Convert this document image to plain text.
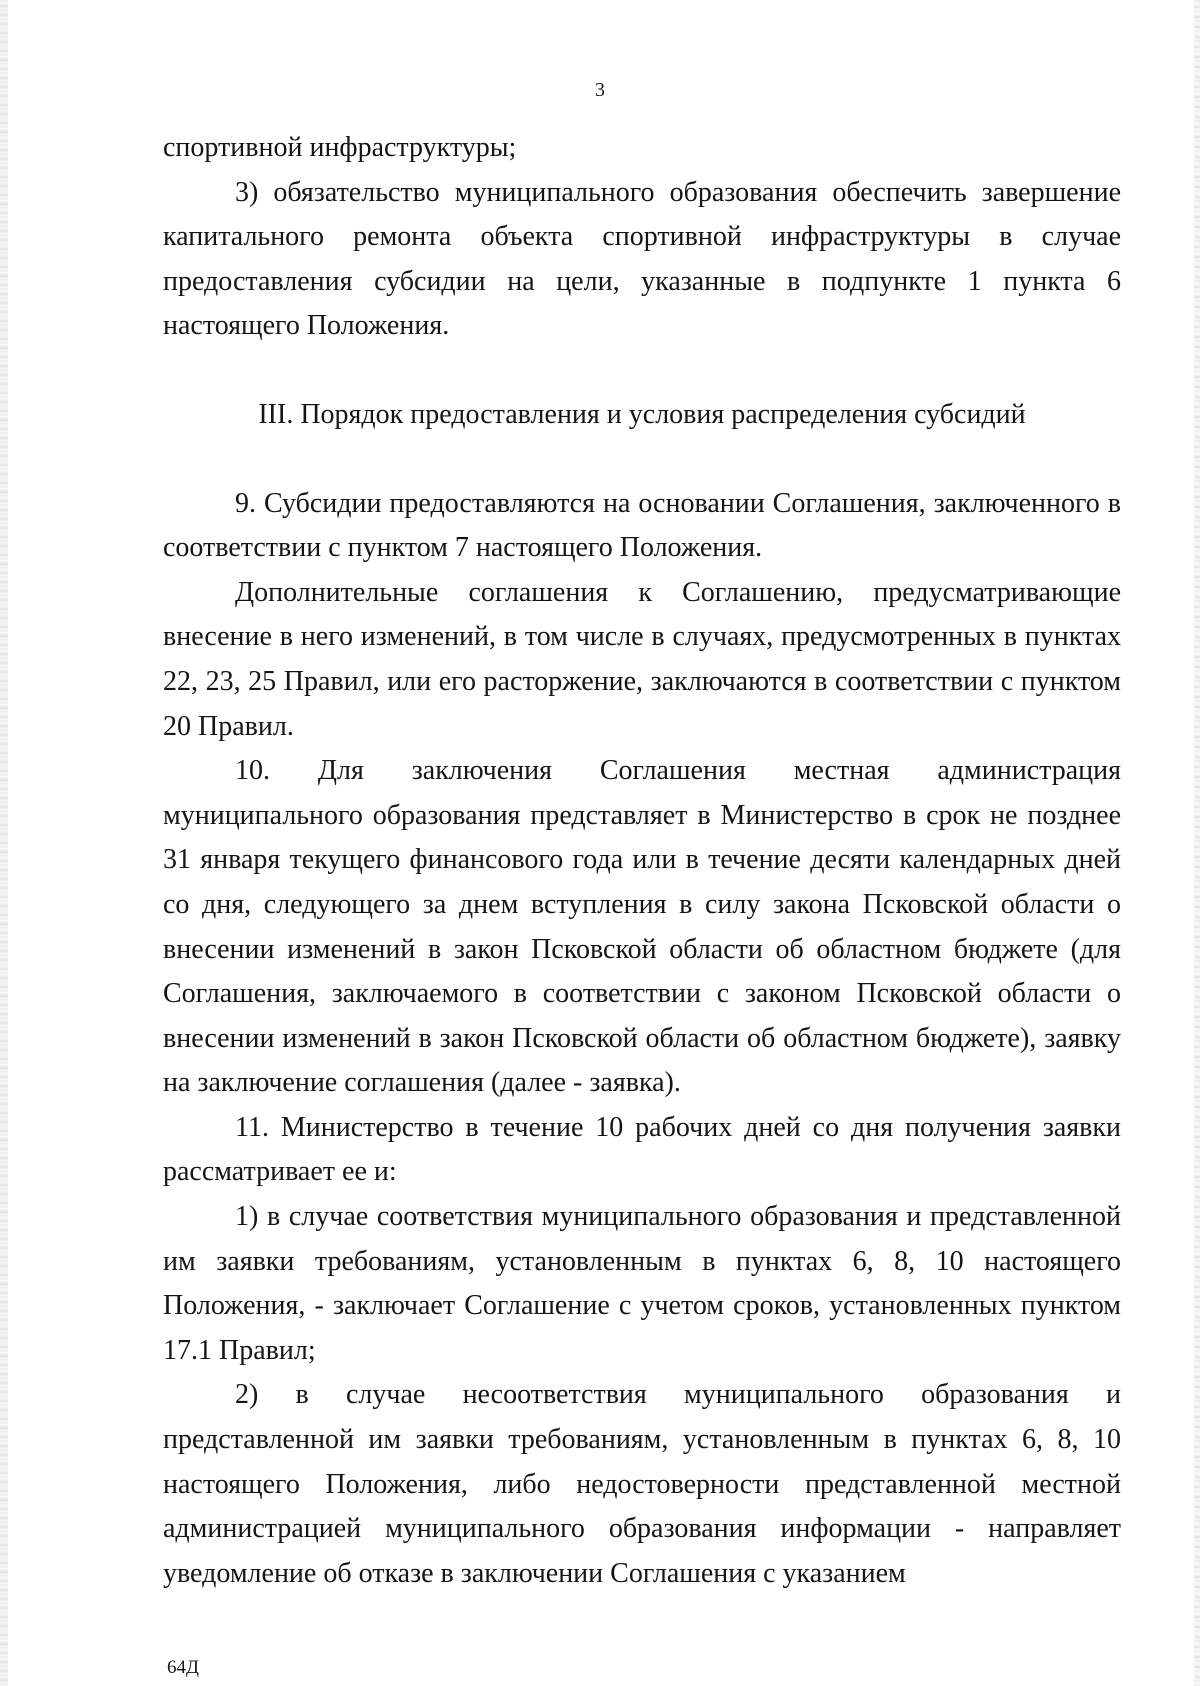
3

спортивной инфраструктуры;

3) обязательство муниципального образования обеспечить завершение капитального ремонта объекта спортивной инфраструктуры в случае предоставления субсидии на цели, указанные в подпункте 1 пункта 6 настоящего Положения.

III. Порядок предоставления и условия распределения субсидий

9. Субсидии предоставляются на основании Соглашения, заключенного в соответствии с пунктом 7 настоящего Положения.

Дополнительные соглашения к Соглашению, предусматривающие внесение в него изменений, в том числе в случаях, предусмотренных в пунктах 22, 23, 25 Правил, или его расторжение, заключаются в соответствии с пунктом 20 Правил.

10. Для заключения Соглашения местная администрация муниципального образования представляет в Министерство в срок не позднее 31 января текущего финансового года или в течение десяти календарных дней со дня, следующего за днем вступления в силу закона Псковской области о внесении изменений в закон Псковской области об областном бюджете (для Соглашения, заключаемого в соответствии с законом Псковской области о внесении изменений в закон Псковской области об областном бюджете), заявку на заключение соглашения (далее - заявка).

11. Министерство в течение 10 рабочих дней со дня получения заявки рассматривает ее и:

1) в случае соответствия муниципального образования и представленной им заявки требованиям, установленным в пунктах 6, 8, 10 настоящего Положения, - заключает Соглашение с учетом сроков, установленных пунктом 17.1 Правил;

2) в случае несоответствия муниципального образования и представленной им заявки требованиям, установленным в пунктах 6, 8, 10 настоящего Положения, либо недостоверности представленной местной администрацией муниципального образования информации - направляет уведомление об отказе в заключении Соглашения с указанием

64Д
